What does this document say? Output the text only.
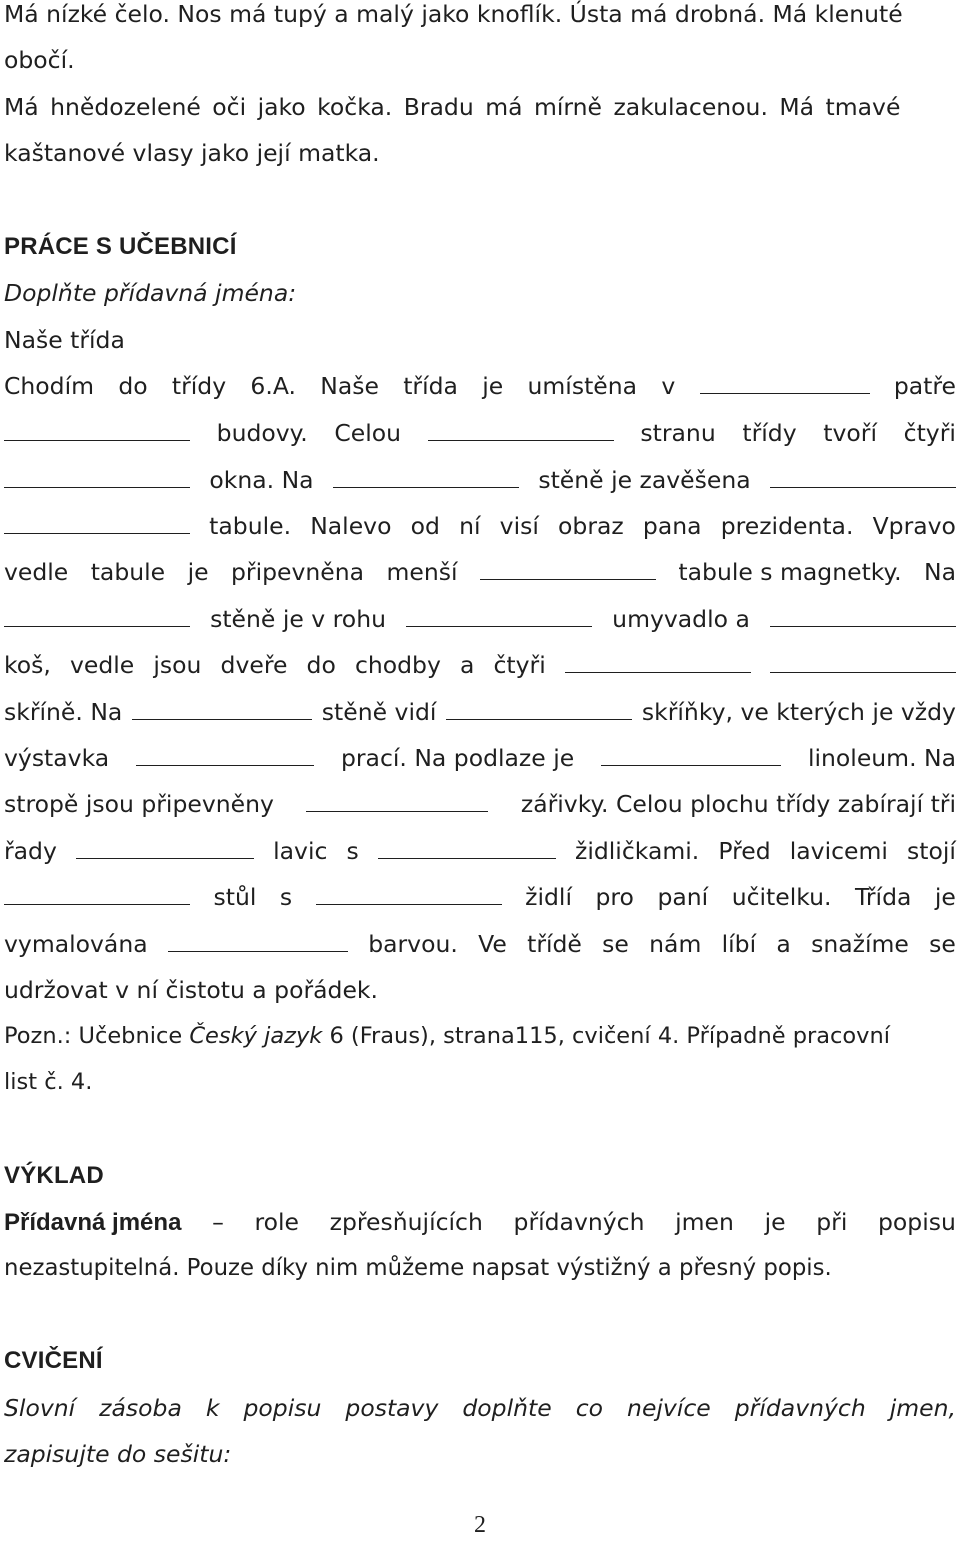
Má nízké čelo. Nos má tupý a malý jako knoflík. Ústa má drobná. Má klenuté
obočí.
Má hnědozelené oči jako kočka. Bradu má mírně zakulacenou. Má tmavé
kaštanové vlasy jako její matka.
PRÁCE S UČEBNICÍ
Doplňte přídavná jména:
Naše třída
Chodím do třídy 6.A. Naše třída je umístěna v	patře
budovy. Celou	stranu třídy tvoří čtyři
okna. Na	stěně je zavěšena
tabule. Nalevo od ní visí obraz pana prezidenta. Vpravo
vedle tabule je připevněna menší	tabule s magnetky. Na
stěně je v rohu	umyvadlo a
koš, vedle jsou dveře do chodby a čtyři
skříně. Na	stěně vidí	skříňky, ve kterých je vždy
výstavka	prací. Na podlaze je	linoleum. Na
stropě jsou připevněny	zářivky. Celou plochu třídy zabírají tři
řady	lavic s	židličkami. Před lavicemi stojí
stůl s	židlí pro paní učitelku. Třída je
vymalována	barvou. Ve třídě se nám líbí a snažíme se
udržovat v ní čistotu a pořádek.
Pozn.: Učebnice Český jazyk 6 (Fraus), strana115, cvičení 4. Případně pracovní
list č. 4.
VÝKLAD
Přídavná jména – role zpřesňujících přídavných jmen je při popisu
nezastupitelná. Pouze díky nim můžeme napsat výstižný a přesný popis.
CVIČENÍ
Slovní zásoba k popisu postavy doplňte co nejvíce přídavných jmen,
zapisujte do sešitu:
2
